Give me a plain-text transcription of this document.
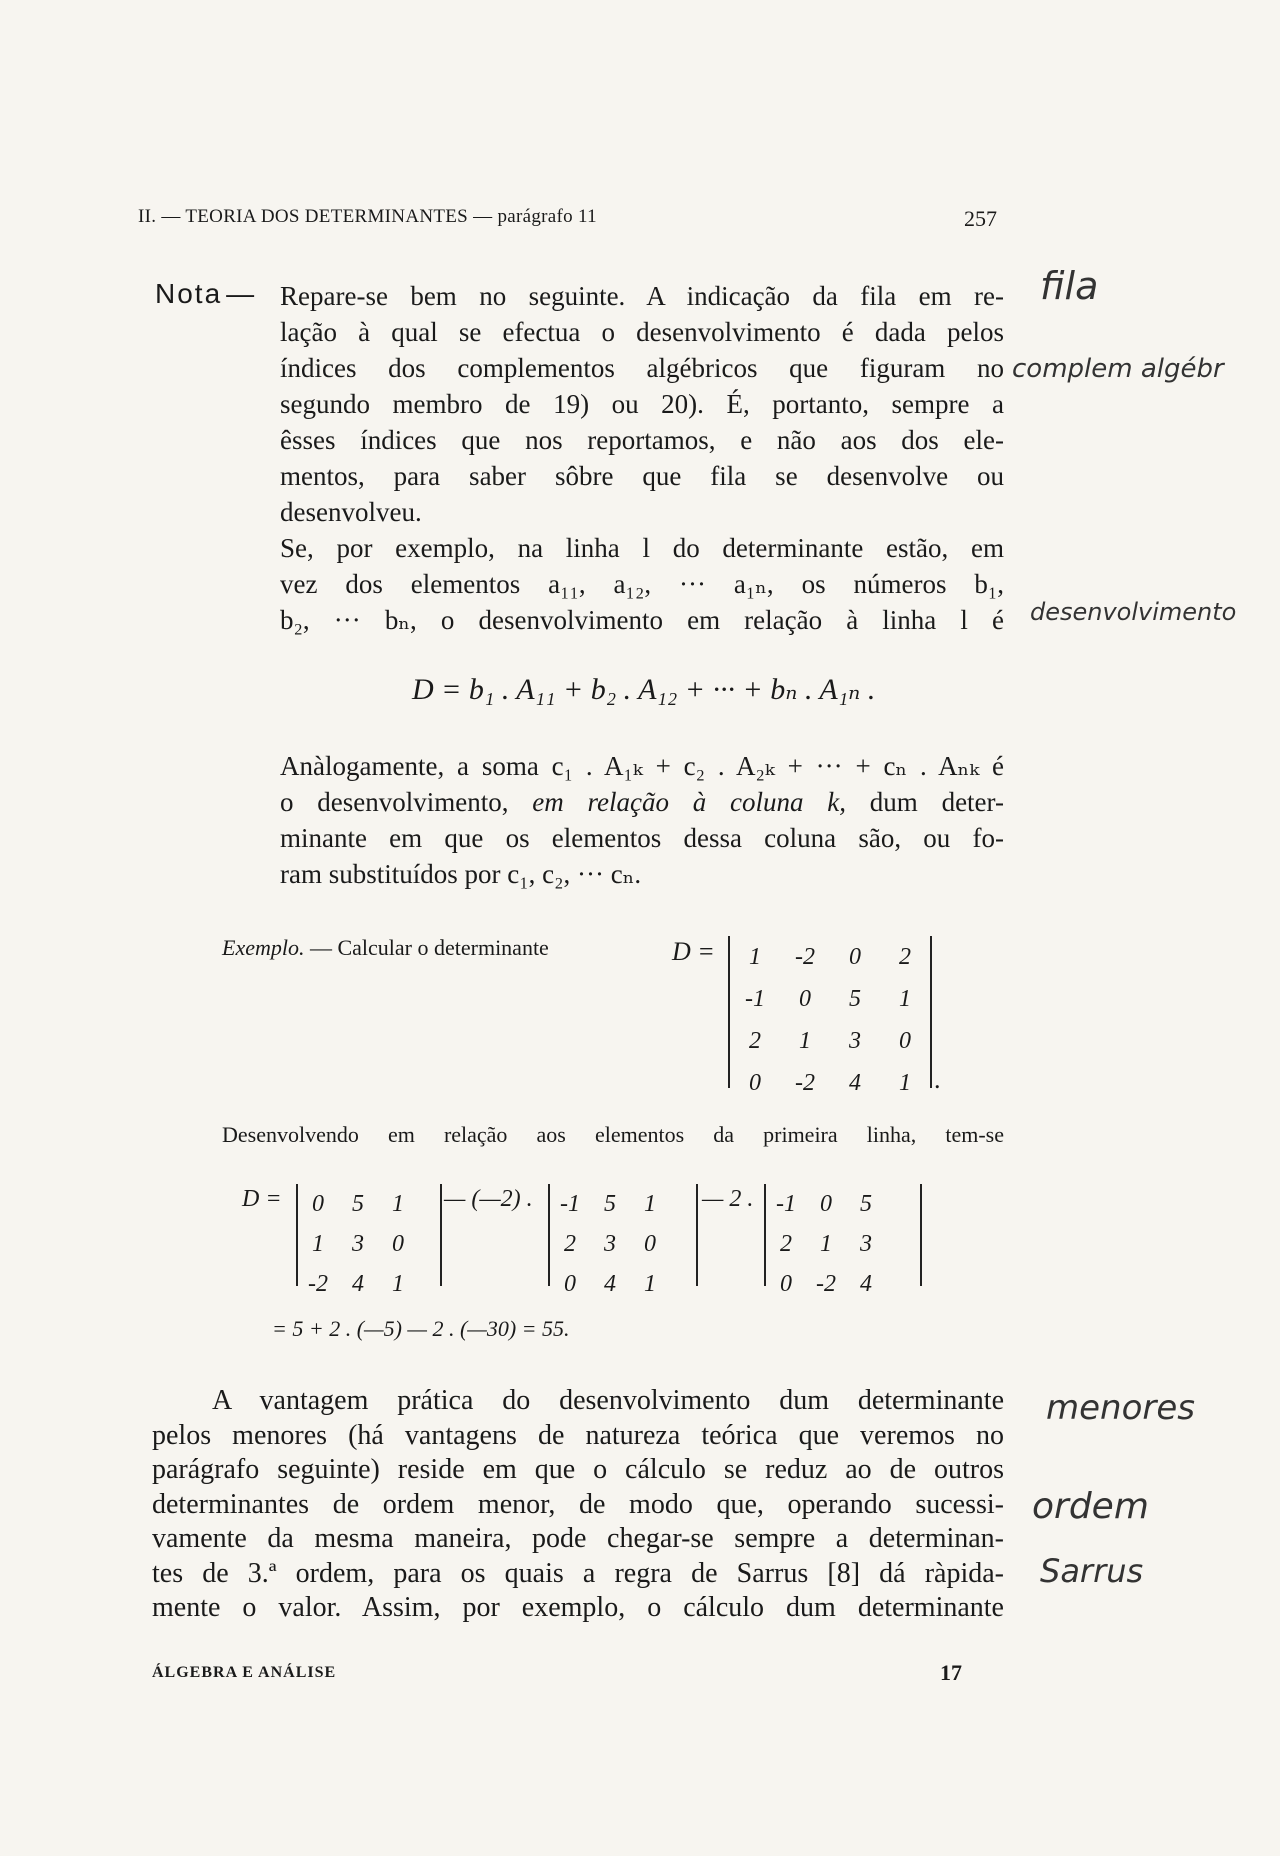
II. — TEORIA DOS DETERMINANTES — parágrafo 11	257
Nota — Repare-se bem no seguinte. A indicação da fila em re-
lação à qual se efectua o desenvolvimento é dada pelos
índices dos complementos algébricos que figuram no
segundo membro de 19) ou 20). É, portanto, sempre a
êsses índices que nos reportamos, e não aos dos ele-
mentos, para saber sôbre que fila se desenvolve ou
desenvolveu.
Se, por exemplo, na linha l do determinante estão, em
vez dos elementos a₁₁, a₁₂, ··· a₁ₙ, os números b₁,
b₂, ··· bₙ, o desenvolvimento em relação à linha l é
D = b₁ . A₁₁ + b₂ . A₁₂ + ··· + bₙ . A₁ₙ .
Anàlogamente, a soma c₁ . A₁ₖ + c₂ . A₂ₖ + ··· + cₙ . Aₙₖ é
o desenvolvimento, em relação à coluna k, dum deter-
minante em que os elementos dessa coluna são, ou fo-
ram substituídos por c₁, c₂, ··· cₙ.
Exemplo. — Calcular o determinante	D = 1	-2	0	2
-1	0	5	1
2	1	3	0
0	-2	4	1 .
Desenvolvendo em relação aos elementos da primeira linha, tem-se
D = 0	5	1
1	3	0
-2	4	1
— (—2) . -1	5	1
2	3	0
0	4	1
— 2 . -1	0	5
2	1	3
0	-2	4
= 5 + 2 . (—5) — 2 . (—30) = 55.
A vantagem prática do desenvolvimento dum determinante
pelos menores (há vantagens de natureza teórica que veremos no
parágrafo seguinte) reside em que o cálculo se reduz ao de outros
determinantes de ordem menor, de modo que, operando sucessi-
vamente da mesma maneira, pode chegar-se sempre a determinan-
tes de 3.ª ordem, para os quais a regra de Sarrus [8] dá ràpida-
mente o valor. Assim, por exemplo, o cálculo dum determinante
ÁLGEBRA E ANÁLISE	17
fila
complem algébr
desenvolvimento
menores
ordem
Sarrus
